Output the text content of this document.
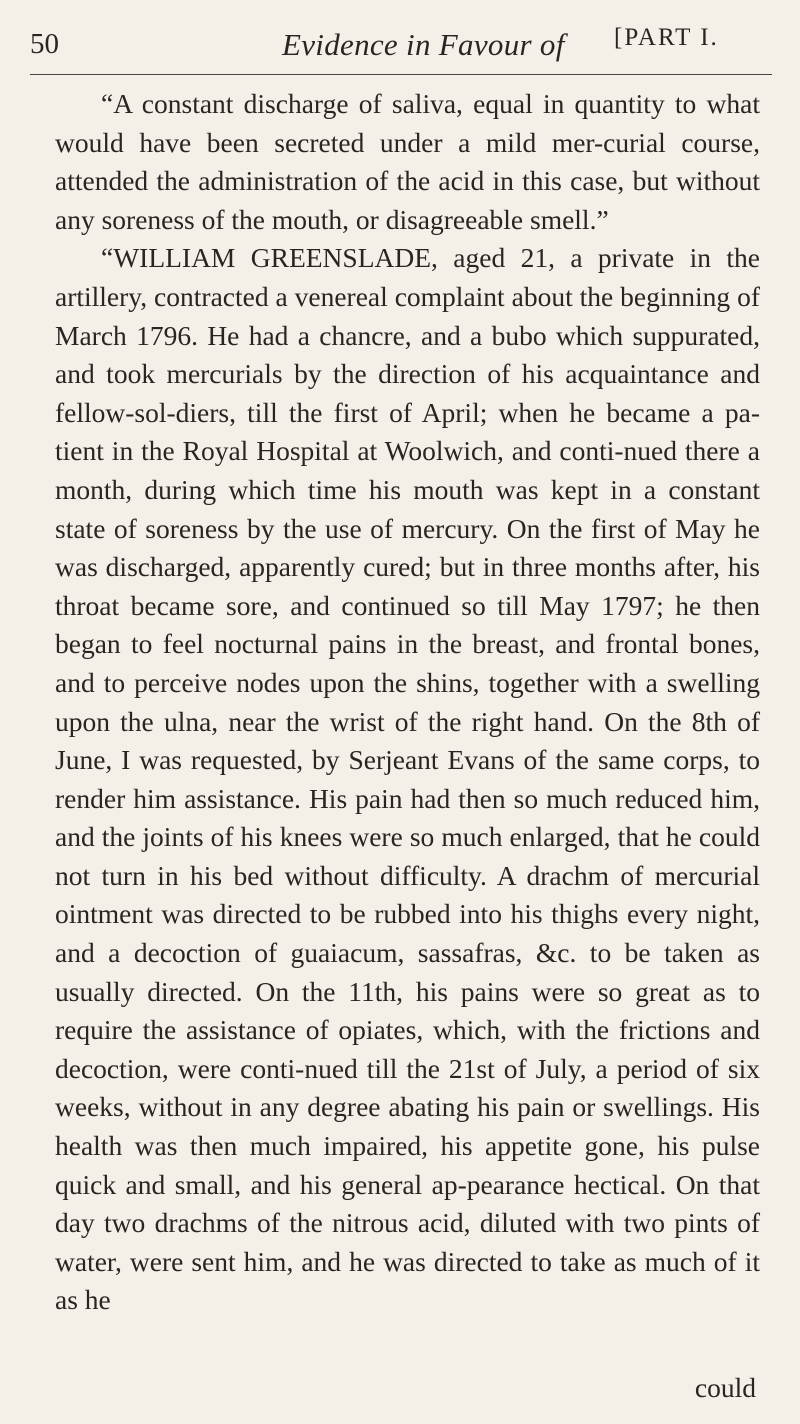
50	Evidence in Favour of [PART I.

“A constant discharge of saliva, equal in quantity to what would have been secreted under a mild mer-curial course, attended the administration of the acid in this case, but without any soreness of the mouth, or disagreeable smell.”

“WILLIAM GREENSLADE, aged 21, a private in the artillery, contracted a venereal complaint about the beginning of March 1796. He had a chancre, and a bubo which suppurated, and took mercurials by the direction of his acquaintance and fellow-sol-diers, till the first of April; when he became a pa-tient in the Royal Hospital at Woolwich, and conti-nued there a month, during which time his mouth was kept in a constant state of soreness by the use of mercury. On the first of May he was discharged, apparently cured; but in three months after, his throat became sore, and continued so till May 1797; he then began to feel nocturnal pains in the breast, and frontal bones, and to perceive nodes upon the shins, together with a swelling upon the ulna, near the wrist of the right hand. On the 8th of June, I was requested, by Serjeant Evans of the same corps, to render him assistance. His pain had then so much reduced him, and the joints of his knees were so much enlarged, that he could not turn in his bed without difficulty. A drachm of mercurial ointment was directed to be rubbed into his thighs every night, and a decoction of guaiacum, sassafras, &c. to be taken as usually directed. On the 11th, his pains were so great as to require the assistance of opiates, which, with the frictions and decoction, were conti-nued till the 21st of July, a period of six weeks, without in any degree abating his pain or swellings. His health was then much impaired, his appetite gone, his pulse quick and small, and his general ap-pearance hectical. On that day two drachms of the nitrous acid, diluted with two pints of water, were sent him, and he was directed to take as much of it as he

could
